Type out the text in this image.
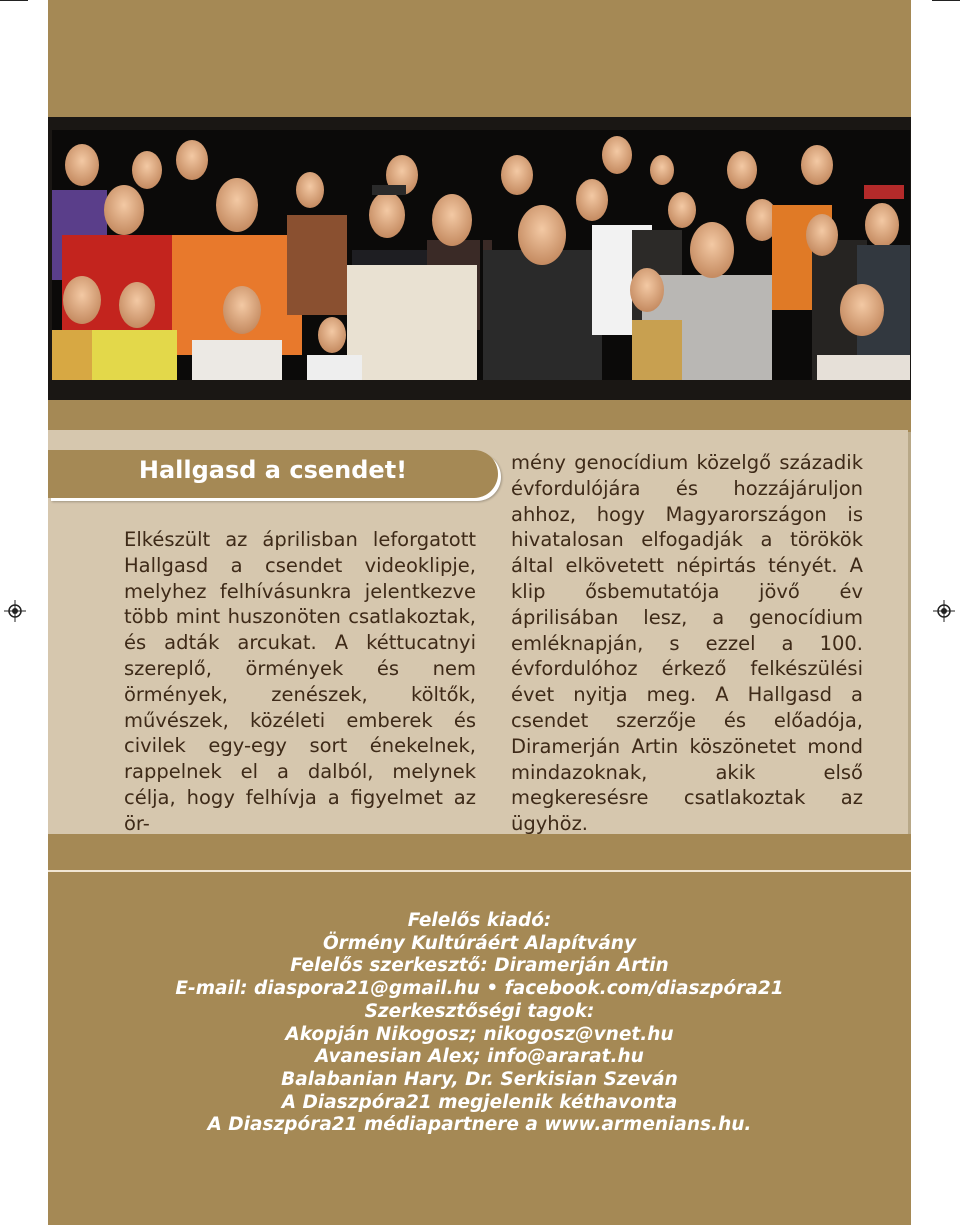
Hallgasd a csendet!
Elkészült az áprilisban leforgatott Hallgasd a csendet videoklipje, melyhez felhívásunkra jelentkezve több mint huszonöten csatlakoztak, és adták arcukat. A kéttucatnyi szereplő, örmények és nem örmények, zenészek, költők, művészek, közéleti emberek és civilek egy-egy sort énekelnek, rappelnek el a dalból, melynek célja, hogy felhívja a figyelmet az ör-
mény genocídium közelgő századik évfordulójára és hozzájáruljon ahhoz, hogy Magyarországon is hivatalosan elfogadják a törökök által elkövetett népirtás tényét. A klip ősbemutatója jövő év áprilisában lesz, a genocídium emléknapján, s ezzel a 100. évfordulóhoz érkező felkészülési évet nyitja meg. A Hallgasd a csendet szerzője és előadója, Diramerján Artin köszönetet mond mindazoknak, akik első megkeresésre csatlakoztak az ügyhöz.
Felelős kiadó:
Örmény Kultúráért Alapítvány
Felelős szerkesztő: Diramerján Artin
E-mail: diaspora21@gmail.hu • facebook.com/diaszpóra21
Szerkesztőségi tagok:
Akopján Nikogosz; nikogosz@vnet.hu
Avanesian Alex; info@ararat.hu
Balabanian Hary, Dr. Serkisian Szeván
A Diaszpóra21 megjelenik kéthavonta
A Diaszpóra21 médiapartnere a www.armenians.hu.
